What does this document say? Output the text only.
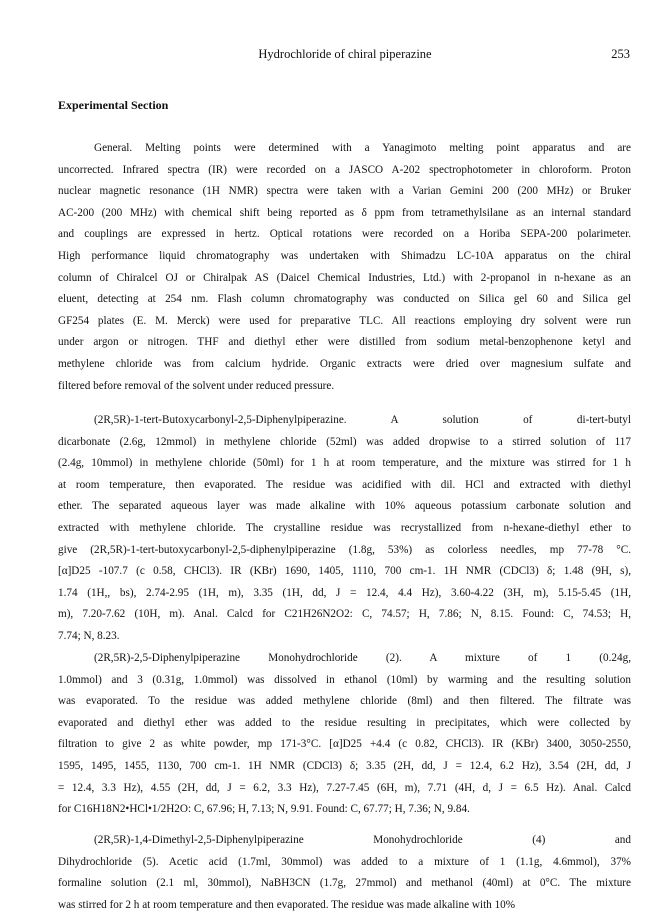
Hydrochloride of chiral piperazine	253
Experimental Section
General. Melting points were determined with a Yanagimoto melting point apparatus and are
uncorrected. Infrared spectra (IR) were recorded on a JASCO A-202 spectrophotometer in chloroform. Proton
nuclear magnetic resonance (1H NMR) spectra were taken with a Varian Gemini 200 (200 MHz) or Bruker
AC-200 (200 MHz) with chemical shift being reported as δ ppm from tetramethylsilane as an internal standard
and couplings are expressed in hertz. Optical rotations were recorded on a Horiba SEPA-200 polarimeter.
High performance liquid chromatography was undertaken with Shimadzu LC-10A apparatus on the chiral
column of Chiralcel OJ or Chiralpak AS (Daicel Chemical Industries, Ltd.) with 2-propanol in n-hexane as an
eluent, detecting at 254 nm. Flash column chromatography was conducted on Silica gel 60 and Silica gel
GF254 plates (E. M. Merck) were used for preparative TLC. All reactions employing dry solvent were run
under argon or nitrogen. THF and diethyl ether were distilled from sodium metal-benzophenone ketyl and
methylene chloride was from calcium hydride. Organic extracts were dried over magnesium sulfate and
filtered before removal of the solvent under reduced pressure.
(2R,5R)-1-tert-Butoxycarbonyl-2,5-Diphenylpiperazine. A solution of di-tert-butyl
dicarbonate (2.6g, 12mmol) in methylene chloride (52ml) was added dropwise to a stirred solution of 117
(2.4g, 10mmol) in methylene chloride (50ml) for 1 h at room temperature, and the mixture was stirred for 1 h
at room temperature, then evaporated. The residue was acidified with dil. HCl and extracted with diethyl
ether. The separated aqueous layer was made alkaline with 10% aqueous potassium carbonate solution and
extracted with methylene chloride. The crystalline residue was recrystallized from n-hexane-diethyl ether to
give (2R,5R)-1-tert-butoxycarbonyl-2,5-diphenylpiperazine (1.8g, 53%) as colorless needles, mp 77-78 °C.
[α]D25 -107.7 (c 0.58, CHCl3). IR (KBr) 1690, 1405, 1110, 700 cm-1. 1H NMR (CDCl3) δ; 1.48 (9H, s),
1.74 (1H,, bs), 2.74-2.95 (1H, m), 3.35 (1H, dd, J = 12.4, 4.4 Hz), 3.60-4.22 (3H, m), 5.15-5.45 (1H,
m), 7.20-7.62 (10H, m). Anal. Calcd for C21H26N2O2: C, 74.57; H, 7.86; N, 8.15. Found: C, 74.53; H,
7.74; N, 8.23.
(2R,5R)-2,5-Diphenylpiperazine Monohydrochloride (2). A mixture of 1 (0.24g,
1.0mmol) and 3 (0.31g, 1.0mmol) was dissolved in ethanol (10ml) by warming and the resulting solution
was evaporated. To the residue was added methylene chloride (8ml) and then filtered. The filtrate was
evaporated and diethyl ether was added to the residue resulting in precipitates, which were collected by
filtration to give 2 as white powder, mp 171-3°C. [α]D25 +4.4 (c 0.82, CHCl3). IR (KBr) 3400, 3050-2550,
1595, 1495, 1455, 1130, 700 cm-1. 1H NMR (CDCl3) δ; 3.35 (2H, dd, J = 12.4, 6.2 Hz), 3.54 (2H, dd, J
= 12.4, 3.3 Hz), 4.55 (2H, dd, J = 6.2, 3.3 Hz), 7.27-7.45 (6H, m), 7.71 (4H, d, J = 6.5 Hz). Anal. Calcd
for C16H18N2•HCl•1/2H2O: C, 67.96; H, 7.13; N, 9.91. Found: C, 67.77; H, 7.36; N, 9.84.
(2R,5R)-1,4-Dimethyl-2,5-Diphenylpiperazine Monohydrochloride (4) and
Dihydrochloride (5). Acetic acid (1.7ml, 30mmol) was added to a mixture of 1 (1.1g, 4.6mmol), 37%
formaline solution (2.1 ml, 30mmol), NaBH3CN (1.7g, 27mmol) and methanol (40ml) at 0°C. The mixture
was stirred for 2 h at room temperature and then evaporated. The residue was made alkaline with 10%
